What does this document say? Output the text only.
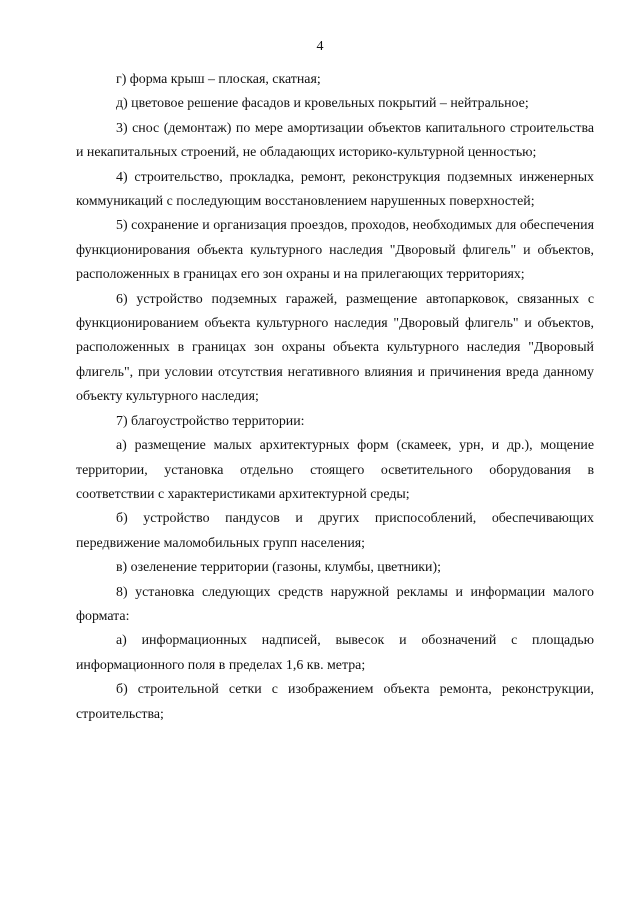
4

г) форма крыш – плоская, скатная;

д) цветовое решение фасадов и кровельных покрытий – нейтральное;

3) снос (демонтаж) по мере амортизации объектов капитального строительства и некапитальных строений, не обладающих историко-культурной ценностью;

4) строительство, прокладка, ремонт, реконструкция подземных инженерных коммуникаций с последующим восстановлением нарушенных поверхностей;

5) сохранение и организация проездов, проходов, необходимых для обеспечения функционирования объекта культурного наследия "Дворовый флигель" и объектов, расположенных в границах его зон охраны и на прилегающих территориях;

6) устройство подземных гаражей, размещение автопарковок, связанных с функционированием объекта культурного наследия "Дворовый флигель" и объектов, расположенных в границах зон охраны объекта культурного наследия "Дворовый флигель", при условии отсутствия негативного влияния и причинения вреда данному объекту культурного наследия;

7) благоустройство территории:

а) размещение малых архитектурных форм (скамеек, урн, и др.), мощение территории, установка отдельно стоящего осветительного оборудования в соответствии с характеристиками архитектурной среды;

б) устройство пандусов и других приспособлений, обеспечивающих передвижение маломобильных групп населения;

в) озеленение территории (газоны, клумбы, цветники);

8) установка следующих средств наружной рекламы и информации малого формата:

а) информационных надписей, вывесок и обозначений с площадью информационного поля в пределах 1,6 кв. метра;

б) строительной сетки с изображением объекта ремонта, реконструкции, строительства;
